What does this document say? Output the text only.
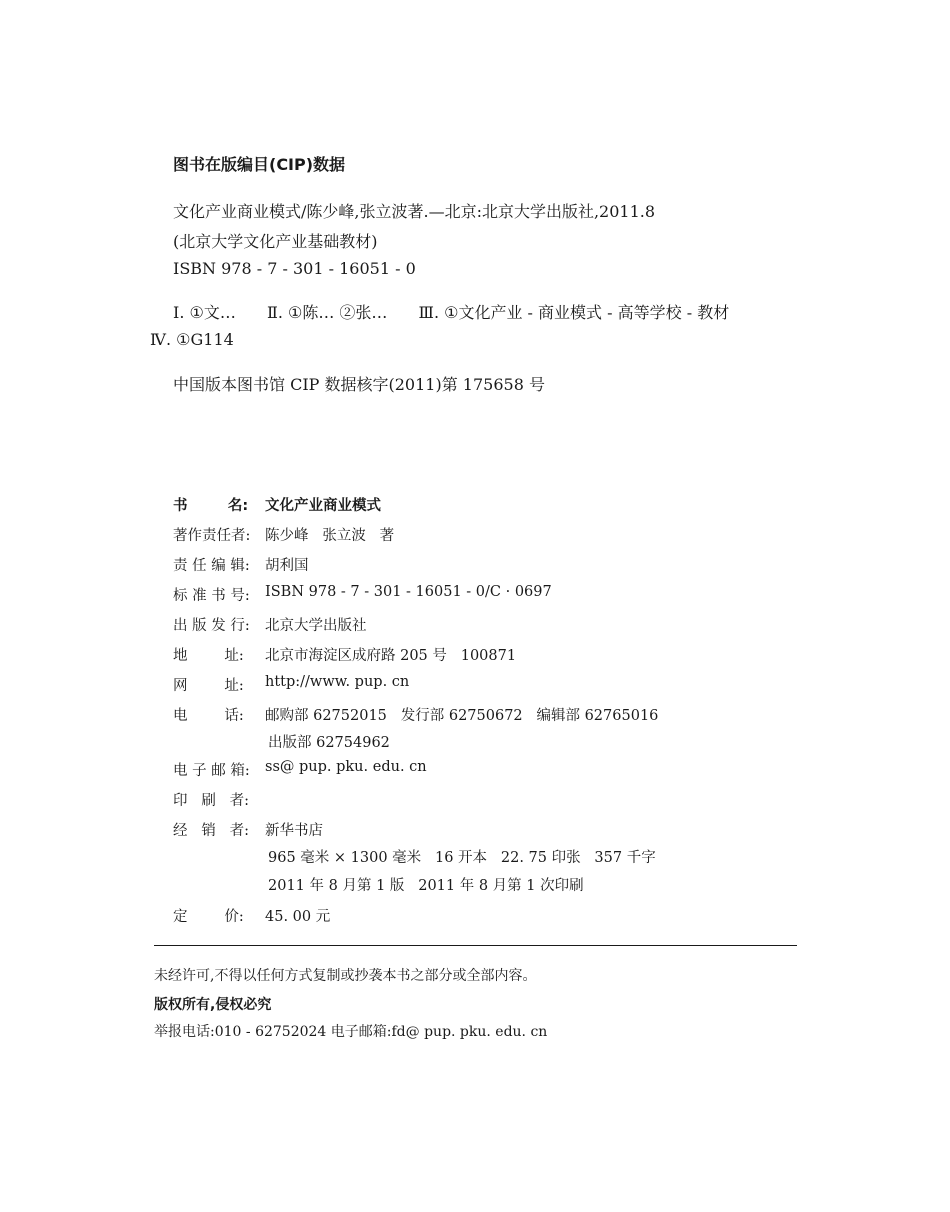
图书在版编目(CIP)数据
文化产业商业模式/陈少峰,张立波著.—北京:北京大学出版社,2011.8
(北京大学文化产业基础教材)
ISBN 978 - 7 - 301 - 16051 - 0
Ⅰ. ①文… Ⅱ. ①陈… ②张… Ⅲ. ①文化产业 - 商业模式 - 高等学校 - 教材
Ⅳ. ①G114
中国版本图书馆 CIP 数据核字(2011)第 175658 号
书        名:	文化产业商业模式
著作责任者:	陈少峰   张立波   著
责 任 编 辑:	胡利国
标 准 书 号:	ISBN 978 - 7 - 301 - 16051 - 0/C · 0697
出 版 发 行:	北京大学出版社
地        址:	北京市海淀区成府路 205 号   100871
网        址:	http://www. pup. cn
电        话:	邮购部 62752015   发行部 62750672   编辑部 62765016
出版部 62754962
电 子 邮 箱:	ss@ pup. pku. edu. cn
印   刷   者:
经   销   者:	新华书店
965 毫米 × 1300 毫米   16 开本   22. 75 印张   357 千字
2011 年 8 月第 1 版   2011 年 8 月第 1 次印刷
定        价:	45. 00 元
未经许可,不得以任何方式复制或抄袭本书之部分或全部内容。
版权所有,侵权必究
举报电话:010 - 62752024 电子邮箱:fd@ pup. pku. edu. cn
